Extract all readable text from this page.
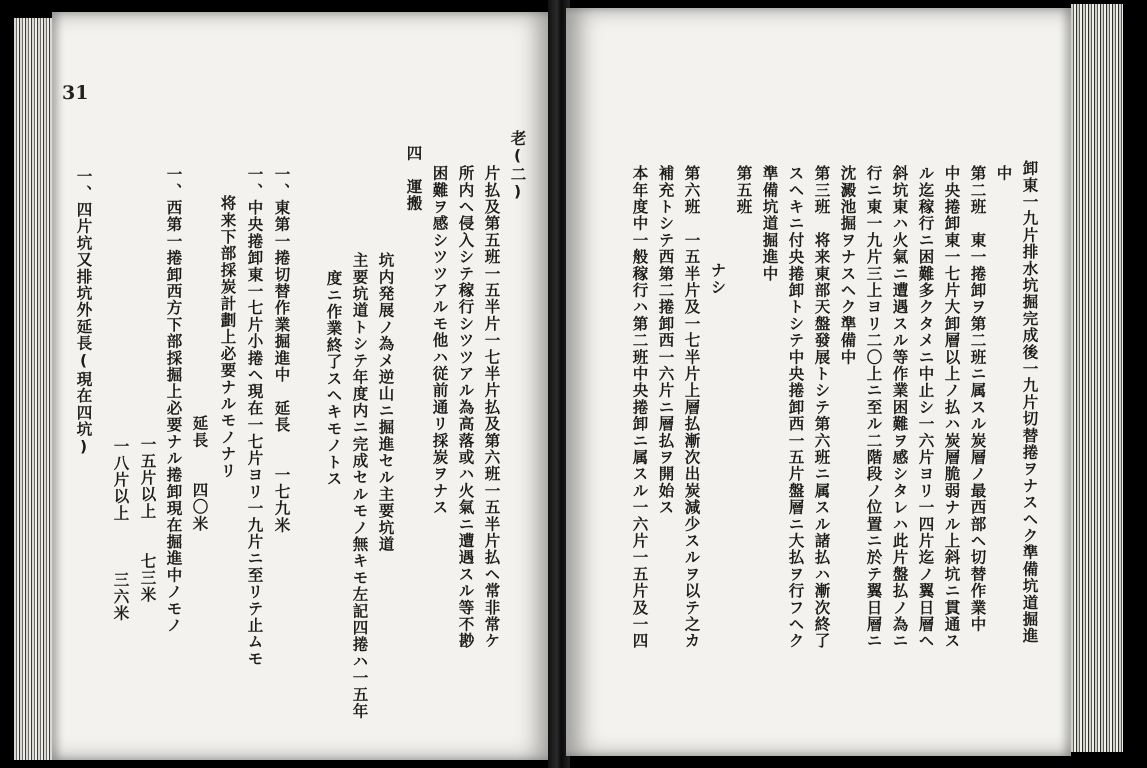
31
老(二)
片払及第五班一五半片一七半片払及第六班一五半片払ヘ常非常ケ
所内ヘ侵入シテ稼行シツツアル為高落或ハ火氣ニ遭遇スル等不尠
困難ヲ感シツツアルモ他ハ従前通リ採炭ヲナス
四　運搬
坑内発展ノ為メ逆山ニ掘進セル主要坑道
主要坑道トシテ年度内ニ完成セルモノ無キモ左記四捲ハ一五年
度ニ作業終了スヘキモノトス
一、東第一捲切替作業掘進中　延長　　一七九米
一、中央捲卸東一七片小捲ヘ現在一七片ヨリ一九片ニ至リテ止ムモ
将来下部採炭計劃上必要ナルモノナリ
延長　　四〇米
一、西第一捲卸西方下部採掘上必要ナル捲卸現在掘進中ノモノ
一五片以上　　七三米
一八片以上　　　三六米
一、四片坑又排坑外延長(現在四坑)	卸東一九片排水坑掘完成後一九片切替捲ヲナスヘク準備坑道掘進
中
第二班　東一捲卸ヲ第二班ニ属スル炭層ノ最西部ヘ切替作業中
中央捲卸東一七片大卸層以上ノ払ハ炭層脆弱ナル上斜坑ニ貫通ス
ル迄稼行ニ困難多クタメニ中止シ一六片ヨリ一四片迄ノ翼日層ヘ
斜坑東ハ火氣ニ遭遇スル等作業困難ヲ感シタレハ此片盤払ノ為ニ
行ニ東一九片三上ヨリ二〇上ニ至ル二階段ノ位置ニ於テ翼日層ニ
沈澱池掘ヲナスヘク準備中
第三班　将来東部天盤發展トシテ第六班ニ属スル諸払ハ漸次終了
スヘキニ付央捲卸トシテ中央捲卸西一五片盤層ニ大払ヲ行フヘク
準備坑道掘進中
第五班
ナシ
第六班　一五半片及一七半片上層払漸次出炭減少スルヲ以テ之カ
補充トシテ西第二捲卸西一六片ニ層払ヲ開始ス
本年度中一般稼行ハ第二班中央捲卸ニ属スル一六片一五片及一四
